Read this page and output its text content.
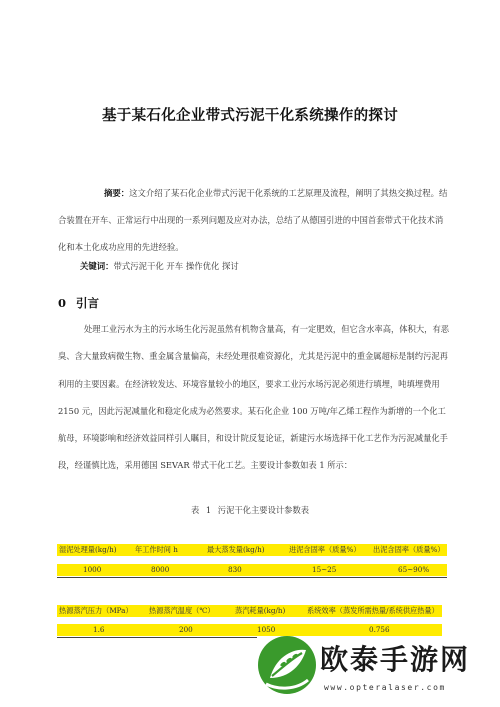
基于某石化企业带式污泥干化系统操作的探讨
摘要：这文介绍了某石化企业带式污泥干化系统的工艺原理及流程，阐明了其热交换过程。结合装置在开车、正常运行中出现的一系列问题及应对办法，总结了从德国引进的中国首套带式干化技术消化和本土化成功应用的先进经验。
关键词：带式污泥干化 开车 操作优化 探讨
0 引言
处理工业污水为主的污水场生化污泥虽然有机物含量高，有一定肥效，但它含水率高，体积大，有恶臭、含大量致病微生物、重金属含量偏高，未经处理很难资源化，尤其是污泥中的重金属超标是制约污泥再利用的主要因素。在经济较发达、环境容量较小的地区，要求工业污水场污泥必须进行填埋，吨填埋费用 2150 元，因此污泥减量化和稳定化成为必然要求。某石化企业 100 万吨/年乙烯工程作为新增的一个化工航母，环境影响和经济效益同样引人瞩目，和设计院反复论证，新建污水场选择干化工艺作为污泥减量化手段，经谨慎比选，采用德国 SEVAR 带式干化工艺。主要设计参数如表 1 所示：
表 1 污泥干化主要设计参数表
湿泥处理量(kg/h)	年工作时间 h	最大蒸发量(kg/h)	进泥含固率（质量%） 出泥含固率（质量%）
1000	8000	830	15~25	65~90%
热源蒸汽压力（MPa） 热源蒸汽温度（℃）	蒸汽耗量(kg/h)	系统效率（蒸发所需热量/系统供应热量）
1.6	200	1050	0.756
欧泰手游网
www.opteralaser.com
